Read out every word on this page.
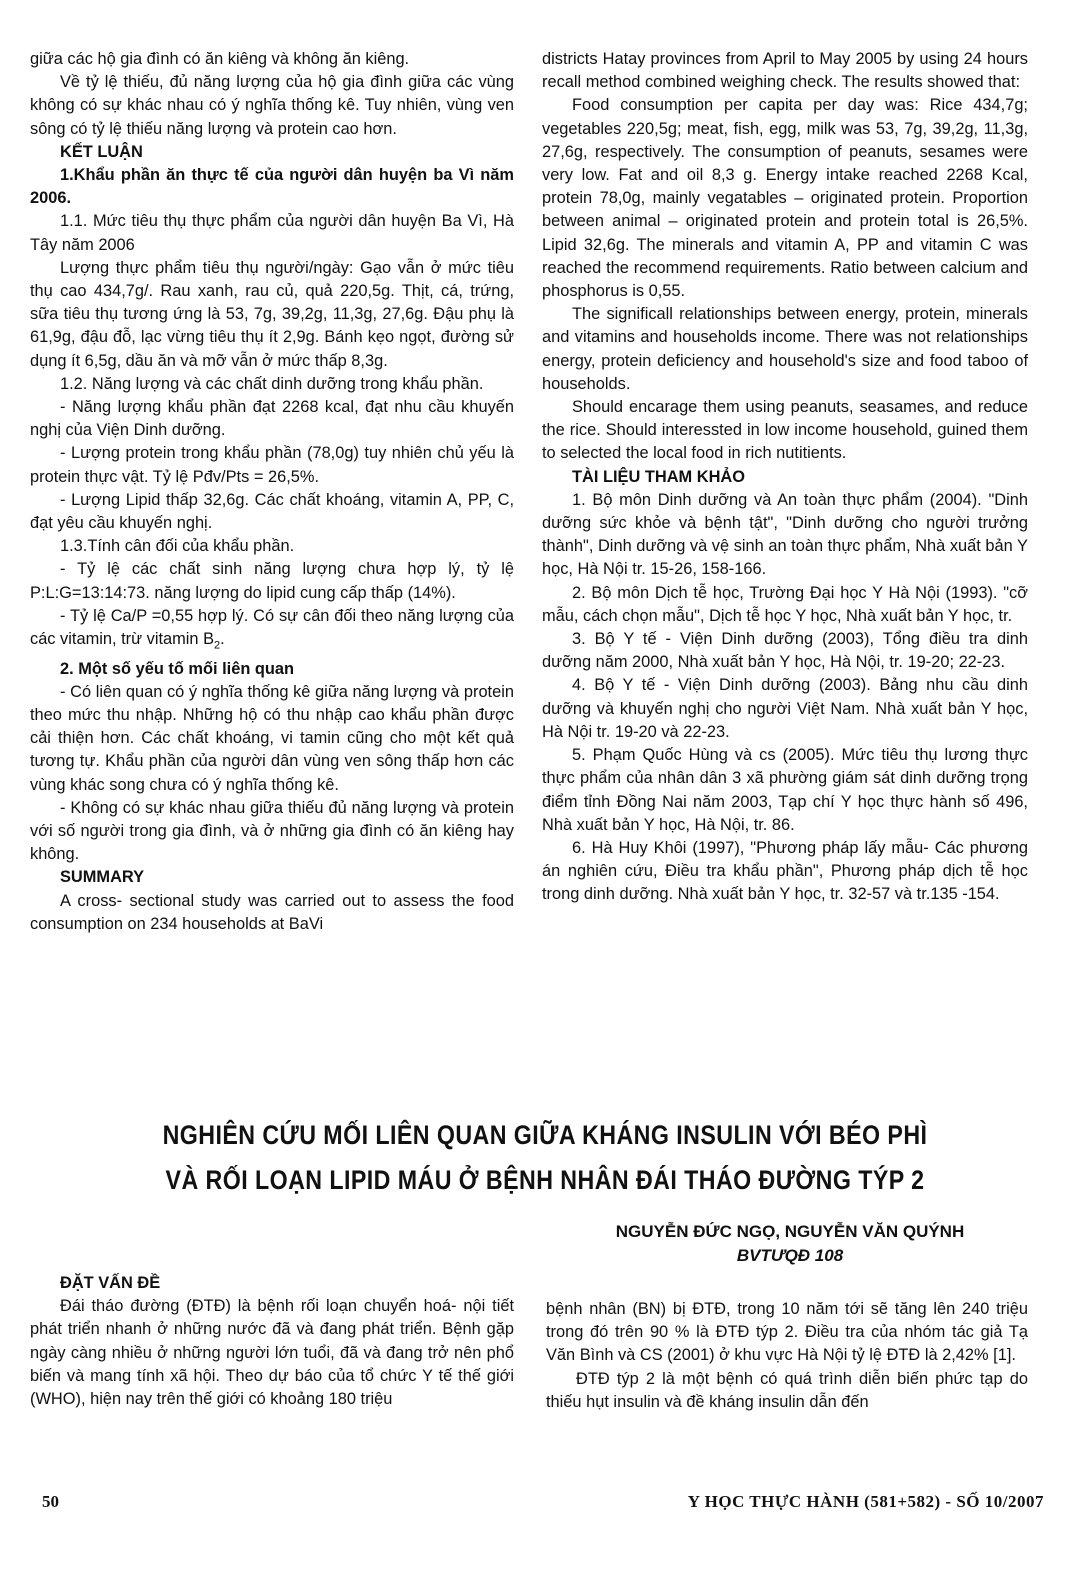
giữa các hộ gia đình có ăn kiêng và không ăn kiêng.

Về tỷ lệ thiếu, đủ năng lượng của hộ gia đình giữa các vùng không có sự khác nhau có ý nghĩa thống kê. Tuy nhiên, vùng ven sông có tỷ lệ thiếu năng lượng và protein cao hơn.

KẾT LUẬN

1.Khẩu phần ăn thực tế của người dân huyện ba Vì năm 2006.

1.1. Mức tiêu thụ thực phẩm của người dân huyện Ba Vì, Hà Tây năm 2006

Lượng thực phẩm tiêu thụ người/ngày: Gạo vẫn ở mức tiêu thụ cao 434,7g/. Rau xanh, rau củ, quả 220,5g. Thịt, cá, trứng, sữa tiêu thụ tương ứng là 53, 7g, 39,2g, 11,3g, 27,6g. Đậu phụ là 61,9g, đậu đỗ, lạc vừng tiêu thụ ít 2,9g. Bánh kẹo ngọt, đường sử dụng ít 6,5g, dầu ăn và mỡ vẫn ở mức thấp 8,3g.

1.2. Năng lượng và các chất dinh dưỡng trong khẩu phần.

- Năng lượng khẩu phần đạt 2268 kcal, đạt nhu cầu khuyến nghị của Viện Dinh dưỡng.

- Lượng protein trong khẩu phần (78,0g) tuy nhiên chủ yếu là protein thực vật. Tỷ lệ Pđv/Pts = 26,5%.

- Lượng Lipid thấp 32,6g. Các chất khoáng, vitamin A, PP, C, đạt yêu cầu khuyến nghị.

1.3.Tính cân đối của khẩu phần.

- Tỷ lệ các chất sinh năng lượng chưa hợp lý, tỷ lệ P:L:G=13:14:73. năng lượng do lipid cung cấp thấp (14%).

- Tỷ lệ Ca/P =0,55 hợp lý. Có sự cân đối theo năng lượng của các vitamin, trừ vitamin $B_2$.

2. Một số yếu tố mối liên quan

- Có liên quan có ý nghĩa thống kê giữa năng lượng và protein theo mức thu nhập. Những hộ có thu nhập cao khẩu phần được cải thiện hơn. Các chất khoáng, vi tamin cũng cho một kết quả tương tự. Khẩu phần của người dân vùng ven sông thấp hơn các vùng khác song chưa có ý nghĩa thống kê.

- Không có sự khác nhau giữa thiếu đủ năng lượng và protein với số người trong gia đình, và ở những gia đình có ăn kiêng hay không.

SUMMARY

A cross- sectional study was carried out to assess the food consumption on 234 households at BaVi

districts Hatay provinces from April to May 2005 by using 24 hours recall method combined weighing check. The results showed that:

Food consumption per capita per day was: Rice 434,7g; vegetables 220,5g; meat, fish, egg, milk was 53, 7g, 39,2g, 11,3g, 27,6g, respectively. The consumption of peanuts, sesames were very low. Fat and oil 8,3 g. Energy intake reached 2268 Kcal, protein 78,0g, mainly vegatables – originated protein. Proportion between animal – originated protein and protein total is 26,5%. Lipid 32,6g. The minerals and vitamin A, PP and vitamin C was reached the recommend requirements. Ratio between calcium and phosphorus is 0,55.

The significall relationships between energy, protein, minerals and vitamins and households income. There was not relationships energy, protein deficiency and household's size and food taboo of households.

Should encarage them using peanuts, seasames, and reduce the rice. Should interessted in low income household, guined them to selected the local food in rich nutitients.

TÀI LIỆU THAM KHẢO

1. Bộ môn Dinh dưỡng và An toàn thực phẩm (2004). "Dinh dưỡng sức khỏe và bệnh tật", "Dinh dưỡng cho người trưởng thành", Dinh dưỡng và vệ sinh an toàn thực phẩm, Nhà xuất bản Y học, Hà Nội tr. 15-26, 158-166.

2. Bộ môn Dịch tễ học, Trường Đại học Y Hà Nội (1993). "cỡ mẫu, cách chọn mẫu", Dịch tễ học Y học, Nhà xuất bản Y học, tr.

3. Bộ Y tế - Viện Dinh dưỡng (2003), Tổng điều tra dinh dưỡng năm 2000, Nhà xuất bản Y học, Hà Nội, tr. 19-20; 22-23.

4. Bộ Y tế - Viện Dinh dưỡng (2003). Bảng nhu cầu dinh dưỡng và khuyến nghị cho người Việt Nam. Nhà xuất bản Y học, Hà Nội tr. 19-20 và 22-23.

5. Phạm Quốc Hùng và cs (2005). Mức tiêu thụ lương thực thực phẩm của nhân dân 3 xã phường giám sát dinh dưỡng trọng điểm tỉnh Đồng Nai năm 2003, Tạp chí Y học thực hành số 496, Nhà xuất bản Y học, Hà Nội, tr. 86.

6. Hà Huy Khôi (1997), "Phương pháp lấy mẫu- Các phương án nghiên cứu, Điều tra khẩu phần", Phương pháp dịch tễ học trong dinh dưỡng. Nhà xuất bản Y học, tr. 32-57 và tr.135 -154.

NGHIÊN CỨU MỐI LIÊN QUAN GIỮA KHÁNG INSULIN VỚI BÉO PHÌ

VÀ RỐI LOẠN LIPID MÁU Ở BỆNH NHÂN ĐÁI THÁO ĐƯỜNG TÝP 2

NGUYỄN ĐỨC NGỌ, NGUYỄN VĂN QUÝNH

BVTƯQĐ 108

ĐẶT VẤN ĐỀ

Đái tháo đường (ĐTĐ) là bệnh rối loạn chuyển hoá- nội tiết phát triển nhanh ở những nước đã và đang phát triển. Bệnh gặp ngày càng nhiều ở những người lớn tuổi, đã và đang trở nên phổ biến và mang tính xã hội. Theo dự báo của tổ chức Y tế thế giới (WHO), hiện nay trên thế giới có khoảng 180 triệu

bệnh nhân (BN) bị ĐTĐ, trong 10 năm tới sẽ tăng lên 240 triệu trong đó trên 90 % là ĐTĐ týp 2. Điều tra của nhóm tác giả Tạ Văn Bình và CS (2001) ở khu vực Hà Nội tỷ lệ ĐTĐ là 2,42% [1].

ĐTĐ týp 2 là một bệnh có quá trình diễn biến phức tạp do thiếu hụt insulin và đề kháng insulin dẫn đến

50	Y HỌC THỰC HÀNH (581+582) - SỐ 10/2007
